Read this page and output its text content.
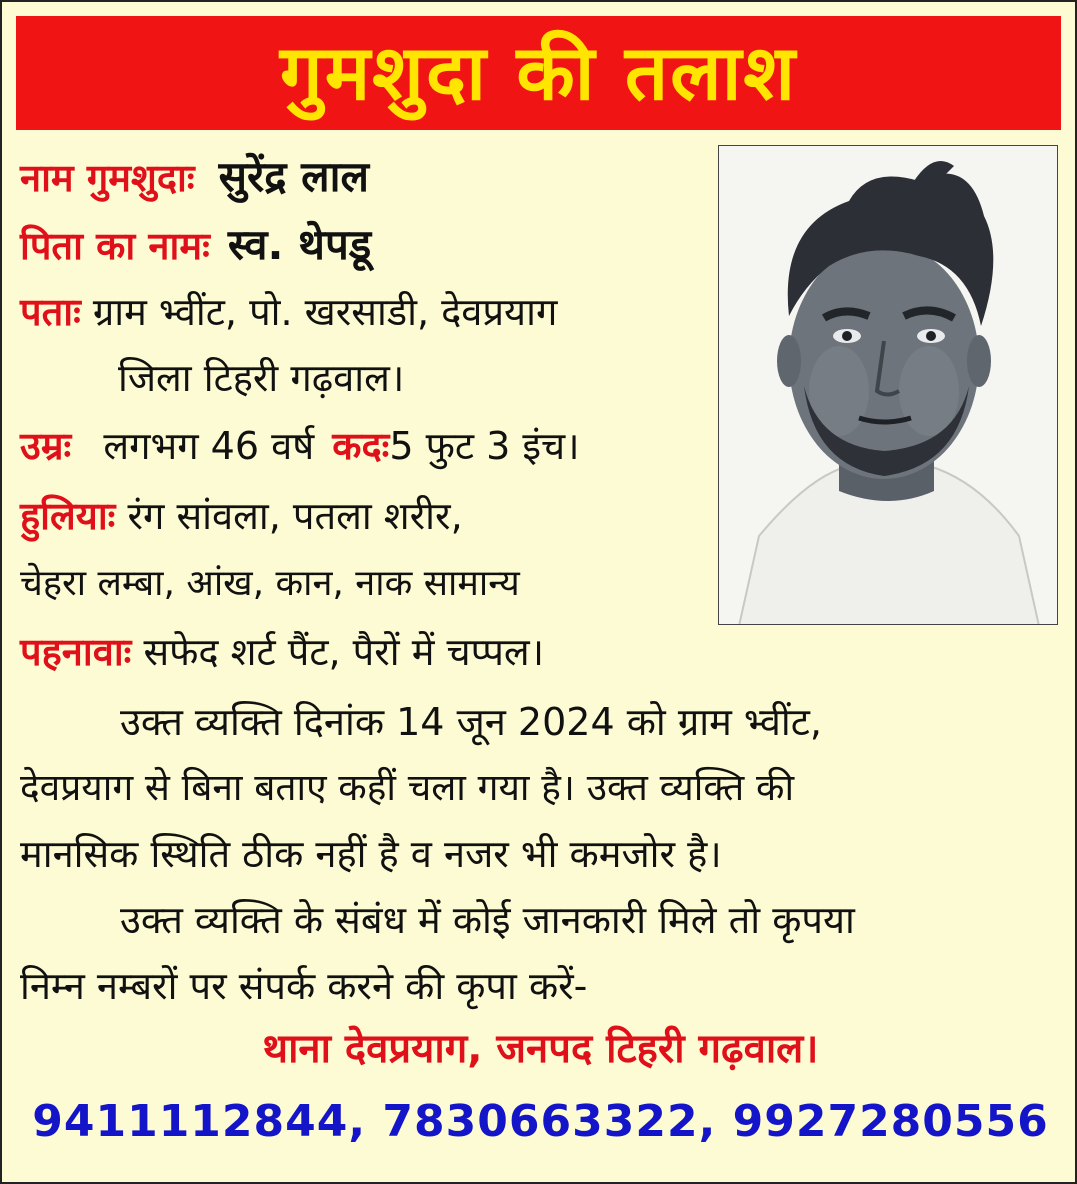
गुमशुदा की तलाश
नाम गुमशुदाः सुरेंद्र लाल
पिता का नामः स्व. थेपडू
पताः ग्राम भ्वींट, पो. खरसाडी, देवप्रयाग
जिला टिहरी गढ़वाल।
उम्रः लगभग 46 वर्ष कदः5 फुट 3 इंच।
हुलियाः रंग सांवला, पतला शरीर,
चेहरा लम्बा, आंख, कान, नाक सामान्य
पहनावाः सफेद शर्ट पैंट, पैरों में चप्पल।
उक्त व्यक्ति दिनांक 14 जून 2024 को ग्राम भ्वींट,
देवप्रयाग से बिना बताए कहीं चला गया है। उक्त व्यक्ति की
मानसिक स्थिति ठीक नहीं है व नजर भी कमजोर है।
उक्त व्यक्ति के संबंध में कोई जानकारी मिले तो कृपया
निम्न नम्बरों पर संपर्क करने की कृपा करें-
थाना देवप्रयाग, जनपद टिहरी गढ़वाल।
9411112844, 7830663322, 9927280556
